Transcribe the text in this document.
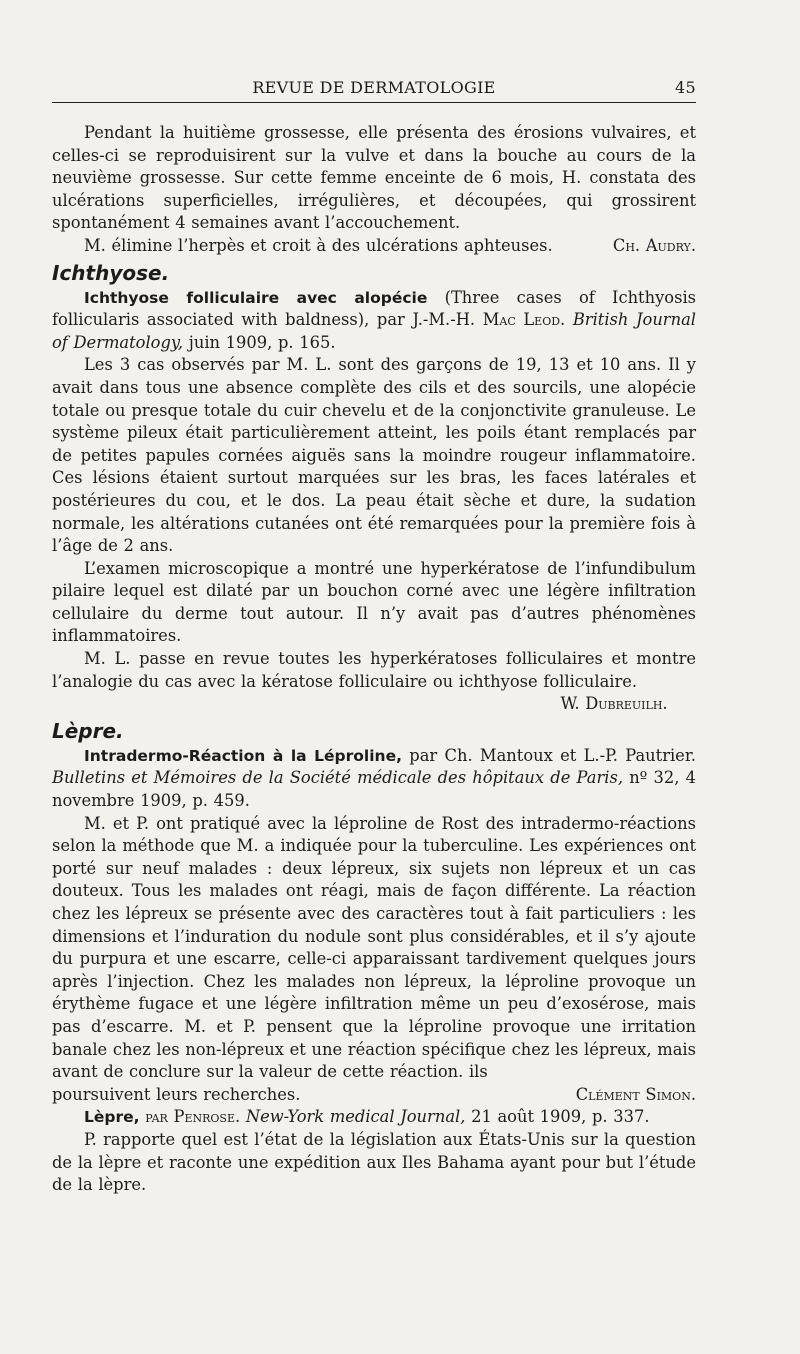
REVUE DE DERMATOLOGIE	45

Pendant la huitième grossesse, elle présenta des érosions vulvaires, et celles-ci se reproduisirent sur la vulve et dans la bouche au cours de la neuvième grossesse. Sur cette femme enceinte de 6 mois, H. constata des ulcérations superficielles, irrégulières, et découpées, qui grossirent spontanément 4 semaines avant l’accouchement.

M. élimine l’herpès et croit à des ulcérations aphteuses.	Ch. Audry.

Ichthyose.

Ichthyose folliculaire avec alopécie (Three cases of Ichthyosis follicularis associated with baldness), par J.-M.-H. Mac Leod. British Journal of Dermatology, juin 1909, p. 165.

Les 3 cas observés par M. L. sont des garçons de 19, 13 et 10 ans. Il y avait dans tous une absence complète des cils et des sourcils, une alopécie totale ou presque totale du cuir chevelu et de la conjonctivite granuleuse. Le système pileux était particulièrement atteint, les poils étant remplacés par de petites papules cornées aiguës sans la moindre rougeur inflammatoire. Ces lésions étaient surtout marquées sur les bras, les faces latérales et postérieures du cou, et le dos. La peau était sèche et dure, la sudation normale, les altérations cutanées ont été remarquées pour la première fois à l’âge de 2 ans.

L’examen microscopique a montré une hyperkératose de l’infundibulum pilaire lequel est dilaté par un bouchon corné avec une légère infiltration cellulaire du derme tout autour. Il n’y avait pas d’autres phénomènes inflammatoires.

M. L. passe en revue toutes les hyperkératoses folliculaires et montre l’analogie du cas avec la kératose folliculaire ou ichthyose folliculaire.

W. Dubreuilh.

Lèpre.

Intradermo-Réaction à la Léproline, par Ch. Mantoux et L.-P. Pautrier. Bulletins et Mémoires de la Société médicale des hôpitaux de Paris, nº 32, 4 novembre 1909, p. 459.

M. et P. ont pratiqué avec la léproline de Rost des intradermo-réactions selon la méthode que M. a indiquée pour la tuberculine. Les expériences ont porté sur neuf malades : deux lépreux, six sujets non lépreux et un cas douteux. Tous les malades ont réagi, mais de façon différente. La réaction chez les lépreux se présente avec des caractères tout à fait particuliers : les dimensions et l’induration du nodule sont plus considérables, et il s’y ajoute du purpura et une escarre, celle-ci apparaissant tardivement quelques jours après l’injection. Chez les malades non lépreux, la léproline provoque un érythème fugace et une légère infiltration même un peu d’exosérose, mais pas d’escarre. M. et P. pensent que la léproline provoque une irritation banale chez les non-lépreux et une réaction spécifique chez les lépreux, mais avant de conclure sur la valeur de cette réaction. ils

poursuivent leurs recherches.	Clément Simon.

Lèpre, par Penrose. New-York medical Journal, 21 août 1909, p. 337.

P. rapporte quel est l’état de la législation aux États-Unis sur la question de la lèpre et raconte une expédition aux Iles Bahama ayant pour but l’étude de la lèpre.
